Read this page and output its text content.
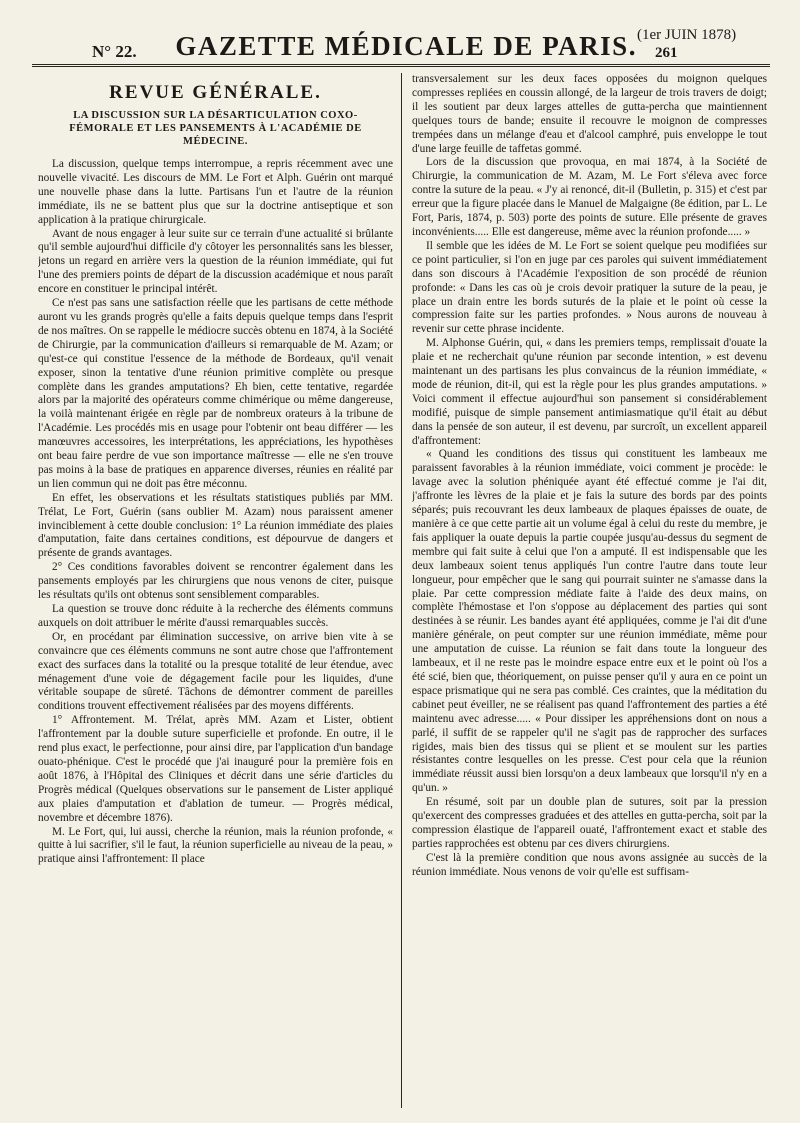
N° 22.	GAZETTE MÉDICALE DE PARIS. (1er JUIN 1878) 261
REVUE GÉNÉRALE.
LA DISCUSSION SUR LA DÉSARTICULATION COXO-FÉMORALE ET LES PANSEMENTS À L'ACADÉMIE DE MÉDECINE.

La discussion, quelque temps interrompue, a repris récemment avec une nouvelle vivacité. Les discours de MM. Le Fort et Alph. Guérin ont marqué une nouvelle phase dans la lutte. Partisans l'un et l'autre de la réunion immédiate, ils ne se battent plus que sur la doctrine antiseptique et son application à la pratique chirurgicale.

Avant de nous engager à leur suite sur ce terrain d'une actualité si brûlante qu'il semble aujourd'hui difficile d'y côtoyer les personnalités sans les blesser, jetons un regard en arrière vers la question de la réunion immédiate, qui fut l'une des premiers points de départ de la discussion académique et nous paraît encore en constituer le principal intérêt.

Ce n'est pas sans une satisfaction réelle que les partisans de cette méthode auront vu les grands progrès qu'elle a faits depuis quelque temps dans l'esprit de nos maîtres. On se rappelle le médiocre succès obtenu en 1874, à la Société de Chirurgie, par la communication d'ailleurs si remarquable de M. Azam; or qu'est-ce qui constitue l'essence de la méthode de Bordeaux, qu'il venait exposer, sinon la tentative d'une réunion primitive complète ou presque complète dans les grandes amputations? Eh bien, cette tentative, regardée alors par la majorité des opérateurs comme chimérique ou même dangereuse, la voilà maintenant érigée en règle par de nombreux orateurs à la tribune de l'Académie. Les procédés mis en usage pour l'obtenir ont beau différer — les manœuvres accessoires, les interprétations, les appréciations, les hypothèses ont beau faire perdre de vue son importance maîtresse — elle ne s'en trouve pas moins à la base de pratiques en apparence diverses, réunies en réalité par un lien commun qui ne doit pas être méconnu.

En effet, les observations et les résultats statistiques publiés par MM. Trélat, Le Fort, Guérin (sans oublier M. Azam) nous paraissent amener invinciblement à cette double conclusion: 1° La réunion immédiate des plaies d'amputation, faite dans certaines conditions, est dépourvue de dangers et présente de grands avantages.

2° Ces conditions favorables doivent se rencontrer également dans les pansements employés par les chirurgiens que nous venons de citer, puisque les résultats qu'ils ont obtenus sont sensiblement comparables.

La question se trouve donc réduite à la recherche des éléments communs auxquels on doit attribuer le mérite d'aussi remarquables succès.

Or, en procédant par élimination successive, on arrive bien vite à se convaincre que ces éléments communs ne sont autre chose que l'affrontement exact des surfaces dans la totalité ou la presque totalité de leur étendue, avec ménagement d'une voie de dégagement facile pour les liquides, d'une véritable soupape de sûreté. Tâchons de démontrer comment de pareilles conditions trouvent effectivement réalisées par des moyens différents.

1° Affrontement. M. Trélat, après MM. Azam et Lister, obtient l'affrontement par la double suture superficielle et profonde. En outre, il le rend plus exact, le perfectionne, pour ainsi dire, par l'application d'un bandage ouato-phénique. C'est le procédé que j'ai inauguré pour la première fois en août 1876, à l'Hôpital des Cliniques et décrit dans une série d'articles du Progrès médical (Quelques observations sur le pansement de Lister appliqué aux plaies d'amputation et d'ablation de tumeur. — Progrès médical, novembre et décembre 1876).

M. Le Fort, qui, lui aussi, cherche la réunion, mais la réunion profonde, « quitte à lui sacrifier, s'il le faut, la réunion superficielle au niveau de la peau, » pratique ainsi l'affrontement: Il place

transversalement sur les deux faces opposées du moignon quelques compresses repliées en coussin allongé, de la largeur de trois travers de doigt; il les soutient par deux larges attelles de gutta-percha que maintiennent quelques tours de bande; ensuite il recouvre le moignon de compresses trempées dans un mélange d'eau et d'alcool camphré, puis enveloppe le tout d'une large feuille de taffetas gommé.

Lors de la discussion que provoqua, en mai 1874, à la Société de Chirurgie, la communication de M. Azam, M. Le Fort s'éleva avec force contre la suture de la peau. « J'y ai renoncé, dit-il (Bulletin, p. 315) et c'est par erreur que la figure placée dans le Manuel de Malgaigne (8e édition, par L. Le Fort, Paris, 1874, p. 503) porte des points de suture. Elle présente de graves inconvénients..... Elle est dangereuse, même avec la réunion profonde..... »

Il semble que les idées de M. Le Fort se soient quelque peu modifiées sur ce point particulier, si l'on en juge par ces paroles qui suivent immédiatement dans son discours à l'Académie l'exposition de son procédé de réunion profonde: « Dans les cas où je crois devoir pratiquer la suture de la peau, je place un drain entre les bords suturés de la plaie et le point où cesse la compression faite sur les parties profondes. » Nous aurons de nouveau à revenir sur cette phrase incidente.

M. Alphonse Guérin, qui, « dans les premiers temps, remplissait d'ouate la plaie et ne recherchait qu'une réunion par seconde intention, » est devenu maintenant un des partisans les plus convaincus de la réunion immédiate, « mode de réunion, dit-il, qui est la règle pour les plus grandes amputations. » Voici comment il effectue aujourd'hui son pansement si considérablement modifié, puisque de simple pansement antimiasmatique qu'il était au début dans la pensée de son auteur, il est devenu, par surcroît, un excellent appareil d'affrontement:

« Quand les conditions des tissus qui constituent les lambeaux me paraissent favorables à la réunion immédiate, voici comment je procède: le lavage avec la solution phéniquée ayant été effectué comme je l'ai dit, j'affronte les lèvres de la plaie et je fais la suture des bords par des points séparés; puis recouvrant les deux lambeaux de plaques épaisses de ouate, de manière à ce que cette partie ait un volume égal à celui du reste du membre, je fais appliquer la ouate depuis la partie coupée jusqu'au-dessus du segment de membre qui fait suite à celui que l'on a amputé. Il est indispensable que les deux lambeaux soient tenus appliqués l'un contre l'autre dans toute leur longueur, pour empêcher que le sang qui pourrait suinter ne s'amasse dans la plaie. Par cette compression médiate faite à l'aide des deux mains, on complète l'hémostase et l'on s'oppose au déplacement des parties qui sont destinées à se réunir. Les bandes ayant été appliquées, comme je l'ai dit d'une manière générale, on peut compter sur une réunion immédiate, même pour une amputation de cuisse. La réunion se fait dans toute la longueur des lambeaux, et il ne reste pas le moindre espace entre eux et le point où l'os a été scié, bien que, théoriquement, on puisse penser qu'il y aura en ce point un espace prismatique qui ne sera pas comblé. Ces craintes, que la méditation du cabinet peut éveiller, ne se réalisent pas quand l'affrontement des parties a été maintenu avec adresse..... « Pour dissiper les appréhensions dont on nous a parlé, il suffit de se rappeler qu'il ne s'agit pas de rapprocher des surfaces rigides, mais bien des tissus qui se plient et se moulent sur les parties résistantes contre lesquelles on les presse. C'est pour cela que la réunion immédiate réussit aussi bien lorsqu'on a deux lambeaux que lorsqu'il n'y en a qu'un. »

En résumé, soit par un double plan de sutures, soit par la pression qu'exercent des compresses graduées et des attelles en gutta-percha, soit par la compression élastique de l'appareil ouaté, l'affrontement exact et stable des parties rapprochées est obtenu par ces divers chirurgiens.

C'est là la première condition que nous avons assignée au succès de la réunion immédiate. Nous venons de voir qu'elle est suffisam-
